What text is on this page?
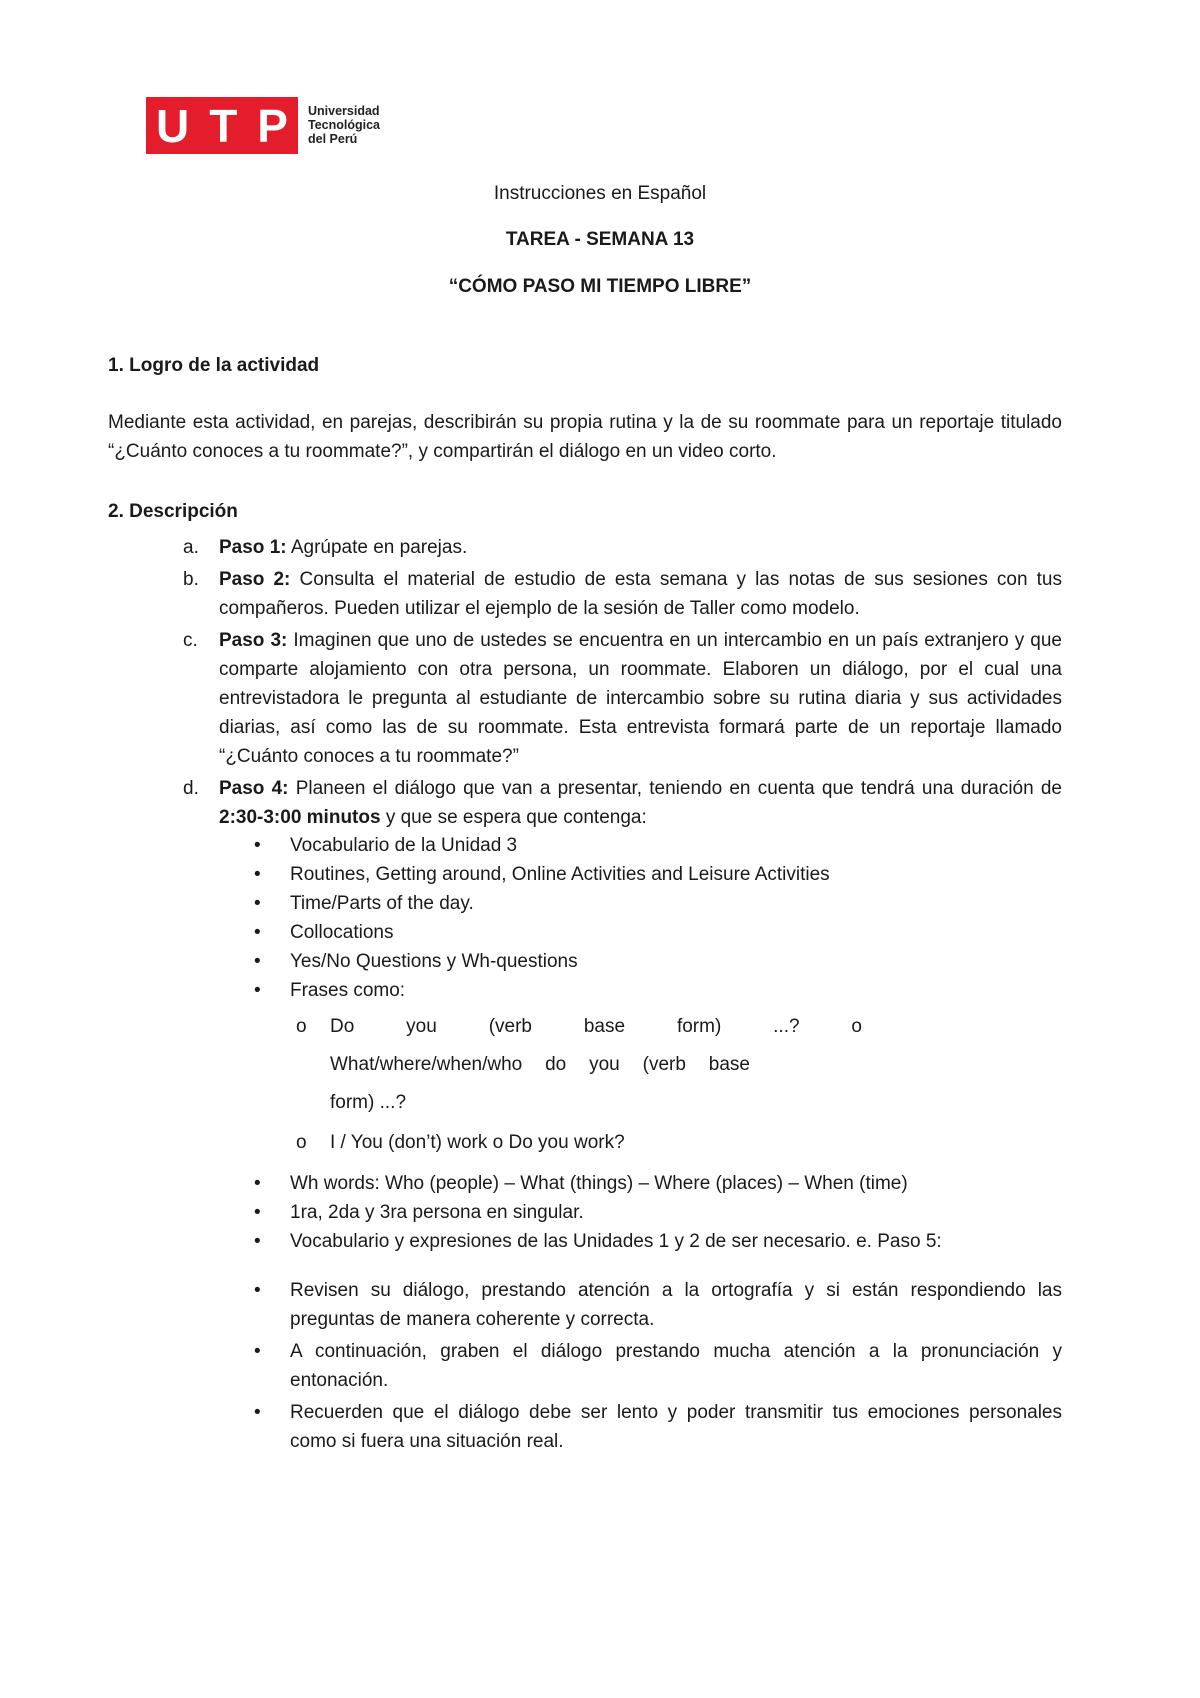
U T P Universidad
Tecnológica
del Perú
Instrucciones en Español
TAREA - SEMANA 13
“CÓMO PASO MI TIEMPO LIBRE”
1. Logro de la actividad
Mediante esta actividad, en parejas, describirán su propia rutina y la de su roommate para un reportaje titulado “¿Cuánto conoces a tu roommate?”, y compartirán el diálogo en un video corto.
2. Descripción
a. Paso 1: Agrúpate en parejas.
b. Paso 2: Consulta el material de estudio de esta semana y las notas de sus sesiones con tus compañeros. Pueden utilizar el ejemplo de la sesión de Taller como modelo.
c. Paso 3: Imaginen que uno de ustedes se encuentra en un intercambio en un país extranjero y que comparte alojamiento con otra persona, un roommate. Elaboren un diálogo, por el cual una entrevistadora le pregunta al estudiante de intercambio sobre su rutina diaria y sus actividades diarias, así como las de su roommate. Esta entrevista formará parte de un reportaje llamado “¿Cuánto conoces a tu roommate?”
d. Paso 4: Planeen el diálogo que van a presentar, teniendo en cuenta que tendrá una duración de 2:30-3:00 minutos y que se espera que contenga:
• Vocabulario de la Unidad 3
• Routines, Getting around, Online Activities and Leisure Activities
• Time/Parts of the day.
• Collocations
• Yes/No Questions y Wh-questions
• Frases como:
o Do	you	(verb	base	form)	...?	o
What/where/when/who do you (verb base
form) ...?
o I / You (don’t) work o Do you work?
• Wh words: Who (people) – What (things) – Where (places) – When (time)
• 1ra, 2da y 3ra persona en singular.
• Vocabulario y expresiones de las Unidades 1 y 2 de ser necesario. e. Paso 5:
• Revisen su diálogo, prestando atención a la ortografía y si están respondiendo las preguntas de manera coherente y correcta.
• A continuación, graben el diálogo prestando mucha atención a la pronunciación y entonación.
• Recuerden que el diálogo debe ser lento y poder transmitir tus emociones personales como si fuera una situación real.
